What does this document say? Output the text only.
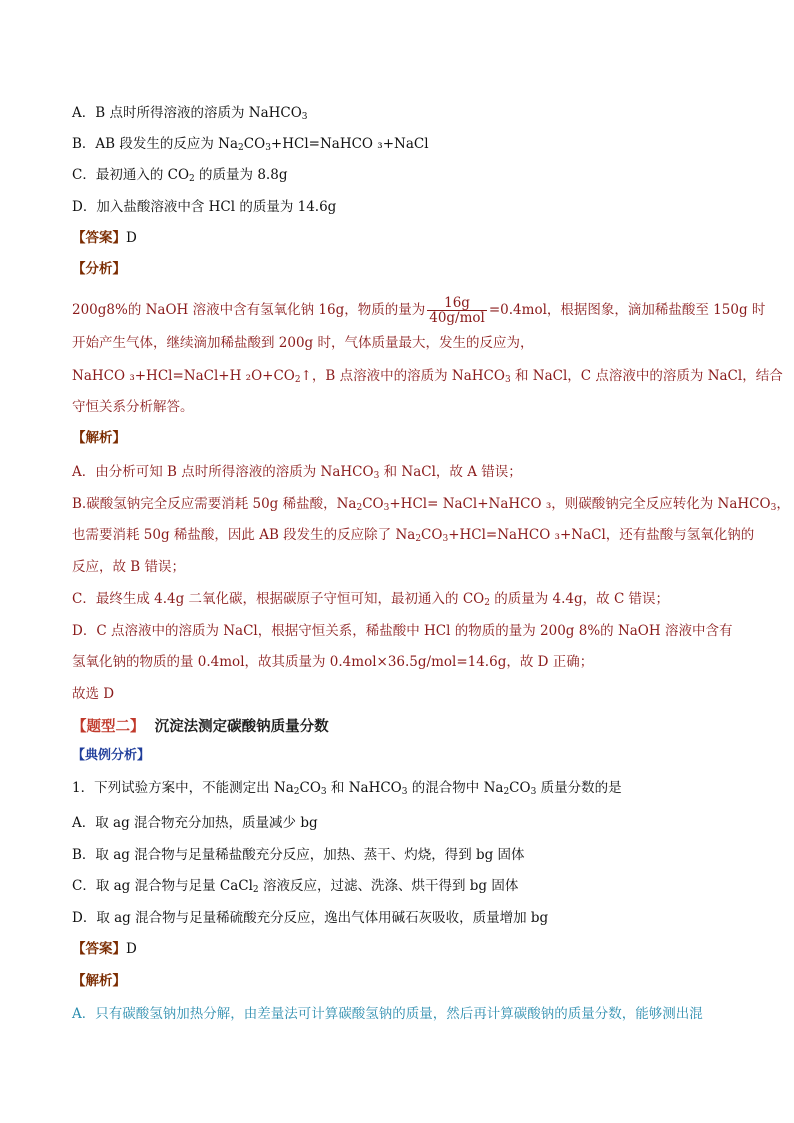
A．B 点时所得溶液的溶质为 NaHCO$_3$
B．AB 段发生的反应为 $Na_2CO_3+HCl=NaHCO$ ₃+NaCl
C．最初通入的 $CO_2$ 的质量为 8.8g
D．加入盐酸溶液中含 HCl 的质量为 14.6g
【答案】D
【分析】
200g8%的 NaOH 溶液中含有氢氧化钠 16g，物质的量为 $\frac{16g}{\text{40g/mol}} =0.4mol$，根据图象，滴加稀盐酸至 150g 时
开始产生气体，继续滴加稀盐酸到 200g 时，气体质量最大，发生的反应为，
NaHCO ₃+HCl=NaCl+H $_2O+CO_2↑$，B 点溶液中的溶质为 NaHCO$_3$ 和 NaCl，C 点溶液中的溶质为 NaCl，结合
守恒关系分析解答。
【解析】
A．由分析可知 B 点时所得溶液的溶质为 NaHCO$_3$ 和 NaCl，故 A 错误；
B.碳酸氢钠完全反应需要消耗 50g 稀盐酸，$Na_2CO_3+HCl=$ NaCl+NaHCO ₃，则碳酸钠完全反应转化为 NaHCO$_3$，
也需要消耗 50g 稀盐酸，因此 AB 段发生的反应除了 $Na_2CO_3+HCl=NaHCO$ ₃+NaCl，还有盐酸与氢氧化钠的
反应，故 B 错误；
C．最终生成 4.4g 二氧化碳，根据碳原子守恒可知，最初通入的 $CO_2$ 的质量为 4.4g，故 C 错误；
D．C 点溶液中的溶质为 NaCl，根据守恒关系，稀盐酸中 HCl 的物质的量为 200g 8%的 NaOH 溶液中含有
氢氧化钠的物质的量 0.4mol，故其质量为 0.4mol×36.5g/mol=14.6g，故 D 正确；
故选 D
【题型二】 沉淀法测定碳酸钠质量分数
【典例分析】
1．下列试验方案中，不能测定出 $Na_2CO_3$ 和 NaHCO$_3$ 的混合物中 $Na_2CO_3$ 质量分数的是
A．取 ag 混合物充分加热，质量减少 bg
B．取 ag 混合物与足量稀盐酸充分反应，加热、蒸干、灼烧，得到 bg 固体
C．取 ag 混合物与足量 CaCl$_2$ 溶液反应，过滤、洗涤、烘干得到 bg 固体
D．取 ag 混合物与足量稀硫酸充分反应，逸出气体用碱石灰吸收，质量增加 bg
【答案】D
【解析】
A．只有碳酸氢钠加热分解，由差量法可计算碳酸氢钠的质量，然后再计算碳酸钠的质量分数，能够测出混
